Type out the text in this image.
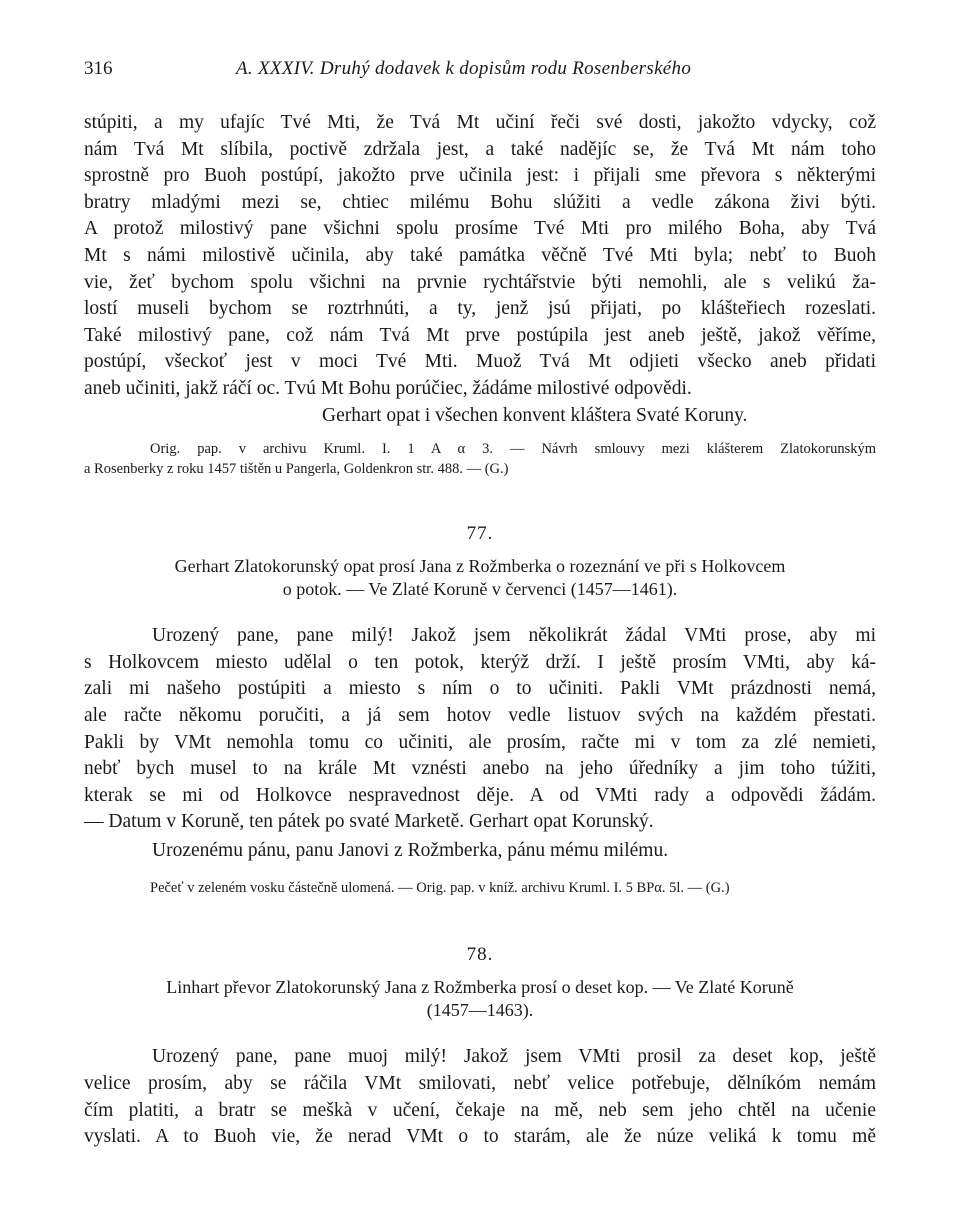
316	A. XXXIV. Druhý dodavek k dopisům rodu Rosenberského

stúpiti, a my ufajíc Tvé Mti, že Tvá Mt učiní řeči své dosti, jakožto vdycky, což

nám Tvá Mt slíbila, poctivě zdržala jest, a také nadějíc se, že Tvá Mt nám toho

sprostně pro Buoh postúpí, jakožto prve učinila jest: i přijali sme převora s některými

bratry mladými mezi se, chtiec milému Bohu slúžiti a vedle zákona živi býti.

A protož milostivý pane všichni spolu prosíme Tvé Mti pro milého Boha, aby Tvá

Mt s námi milostivě učinila, aby také památka věčně Tvé Mti byla; nebť to Buoh

vie, žeť bychom spolu všichni na prvnie rychtářstvie býti nemohli, ale s velikú ža-

lostí museli bychom se roztrhnúti, a ty, jenž jsú přijati, po klášteřiech rozeslati.

Také milostivý pane, což nám Tvá Mt prve postúpila jest aneb ještě, jakož věříme,

postúpí, všeckoť jest v moci Tvé Mti. Muož Tvá Mt odjieti všecko aneb přidati

aneb učiniti, jakž ráčí oc. Tvú Mt Bohu porúčiec, žádáme milostivé odpovědi.

Gerhart opat i všechen konvent kláštera Svaté Koruny.

Orig. pap. v archivu Kruml. I. 1 A α 3. — Návrh smlouvy mezi klášterem Zlatokorunským

a Rosenberky z roku 1457 tištěn u Pangerla, Goldenkron str. 488. — (G.)

77.
Gerhart Zlatokorunský opat prosí Jana z Rožmberka o rozeznání ve při s Holkovcem
o potok. — Ve Zlaté Koruně v červenci (1457—1461).
Urozený pane, pane milý! Jakož jsem několikrát žádal VMti prose, aby mi
s Holkovcem miesto udělal o ten potok, kterýž drží. I ještě prosím VMti, aby ká-
zali mi našeho postúpiti a miesto s ním o to učiniti. Pakli VMt prázdnosti nemá,
ale račte někomu poručiti, a já sem hotov vedle listuov svých na každém přestati.
Pakli by VMt nemohla tomu co učiniti, ale prosím, račte mi v tom za zlé nemieti,
nebť bych musel to na krále Mt vznésti anebo na jeho úředníky a jim toho túžiti,
kterak se mi od Holkovce nespravednost děje. A od VMti rady a odpovědi žádám.
— Datum v Koruně, ten pátek po svaté Marketě. Gerhart opat Korunský.
Urozenému pánu, panu Janovi z Rožmberka, pánu mému milému.
Pečeť v zeleném vosku částečně ulomená. — Orig. pap. v kníž. archivu Kruml. I. 5 BPα. 5l. — (G.)
78.
Linhart převor Zlatokorunský Jana z Rožmberka prosí o deset kop. — Ve Zlaté Koruně
(1457—1463).
Urozený pane, pane muoj milý! Jakož jsem VMti prosil za deset kop, ještě
velice prosím, aby se ráčila VMt smilovati, nebť velice potřebuje, dělníkóm nemám
čím platiti, a bratr se meškà v učení, čekaje na mě, neb sem jeho chtěl na učenie
vyslati. A to Buoh vie, že nerad VMt o to starám, ale že núze veliká k tomu mě
